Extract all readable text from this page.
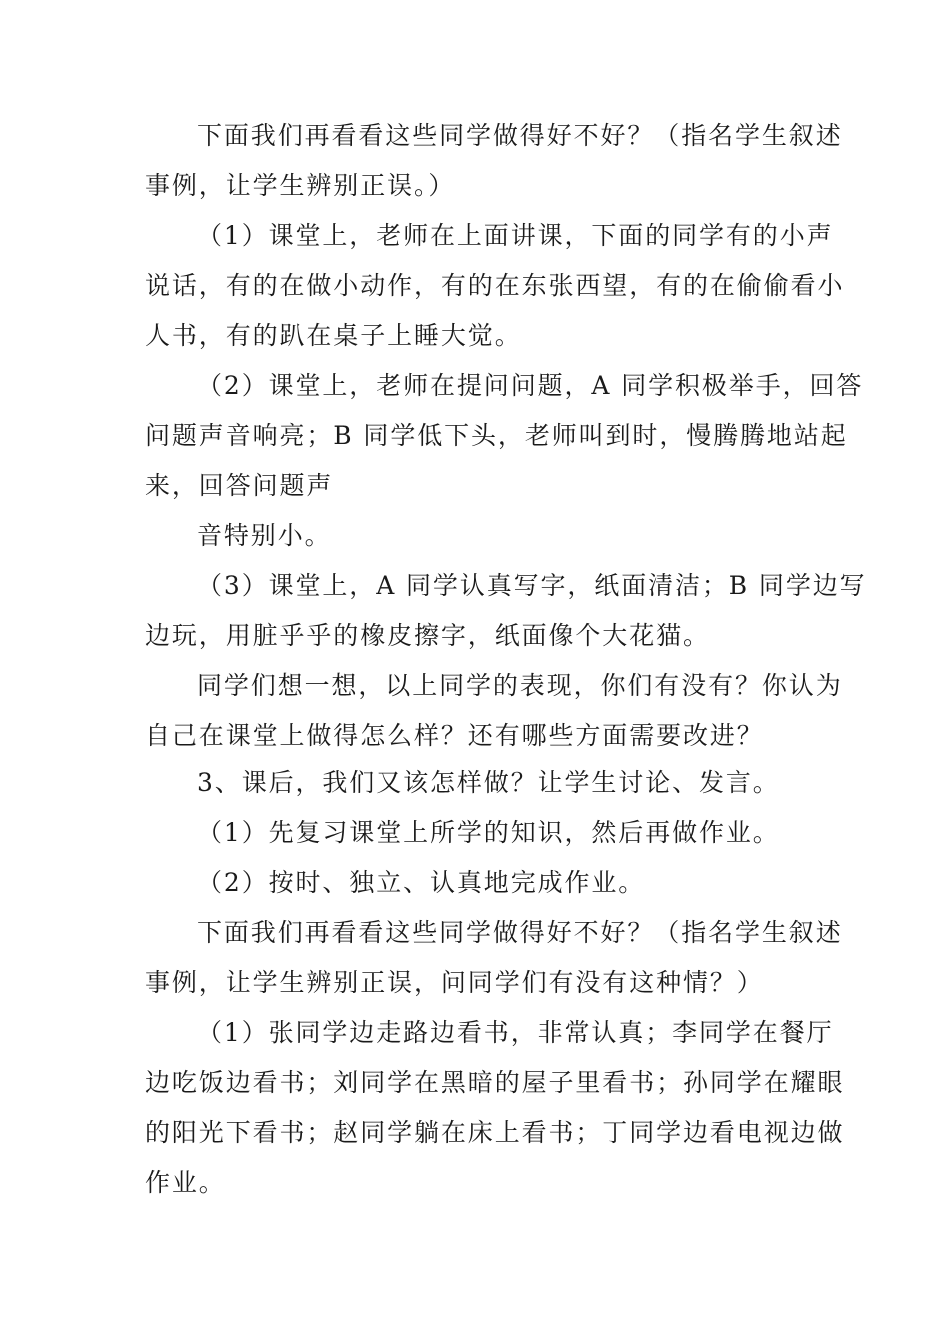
下面我们再看看这些同学做得好不好？（指名学生叙述
事例，让学生辨别正误。）
（1）课堂上，老师在上面讲课，下面的同学有的小声
说话，有的在做小动作，有的在东张西望，有的在偷偷看小
人书，有的趴在桌子上睡大觉。
（2）课堂上，老师在提问问题，A 同学积极举手，回答
问题声音响亮；B 同学低下头，老师叫到时，慢腾腾地站起
来，回答问题声
音特别小。
（3）课堂上，A 同学认真写字，纸面清洁；B 同学边写
边玩，用脏乎乎的橡皮擦字，纸面像个大花猫。
同学们想一想，以上同学的表现，你们有没有？你认为
自己在课堂上做得怎么样？还有哪些方面需要改进？
3、课后，我们又该怎样做？让学生讨论、发言。
（1）先复习课堂上所学的知识，然后再做作业。
（2）按时、独立、认真地完成作业。
下面我们再看看这些同学做得好不好？（指名学生叙述
事例，让学生辨别正误，问同学们有没有这种情？）
（1）张同学边走路边看书，非常认真；李同学在餐厅
边吃饭边看书；刘同学在黑暗的屋子里看书；孙同学在耀眼
的阳光下看书；赵同学躺在床上看书；丁同学边看电视边做
作业。
